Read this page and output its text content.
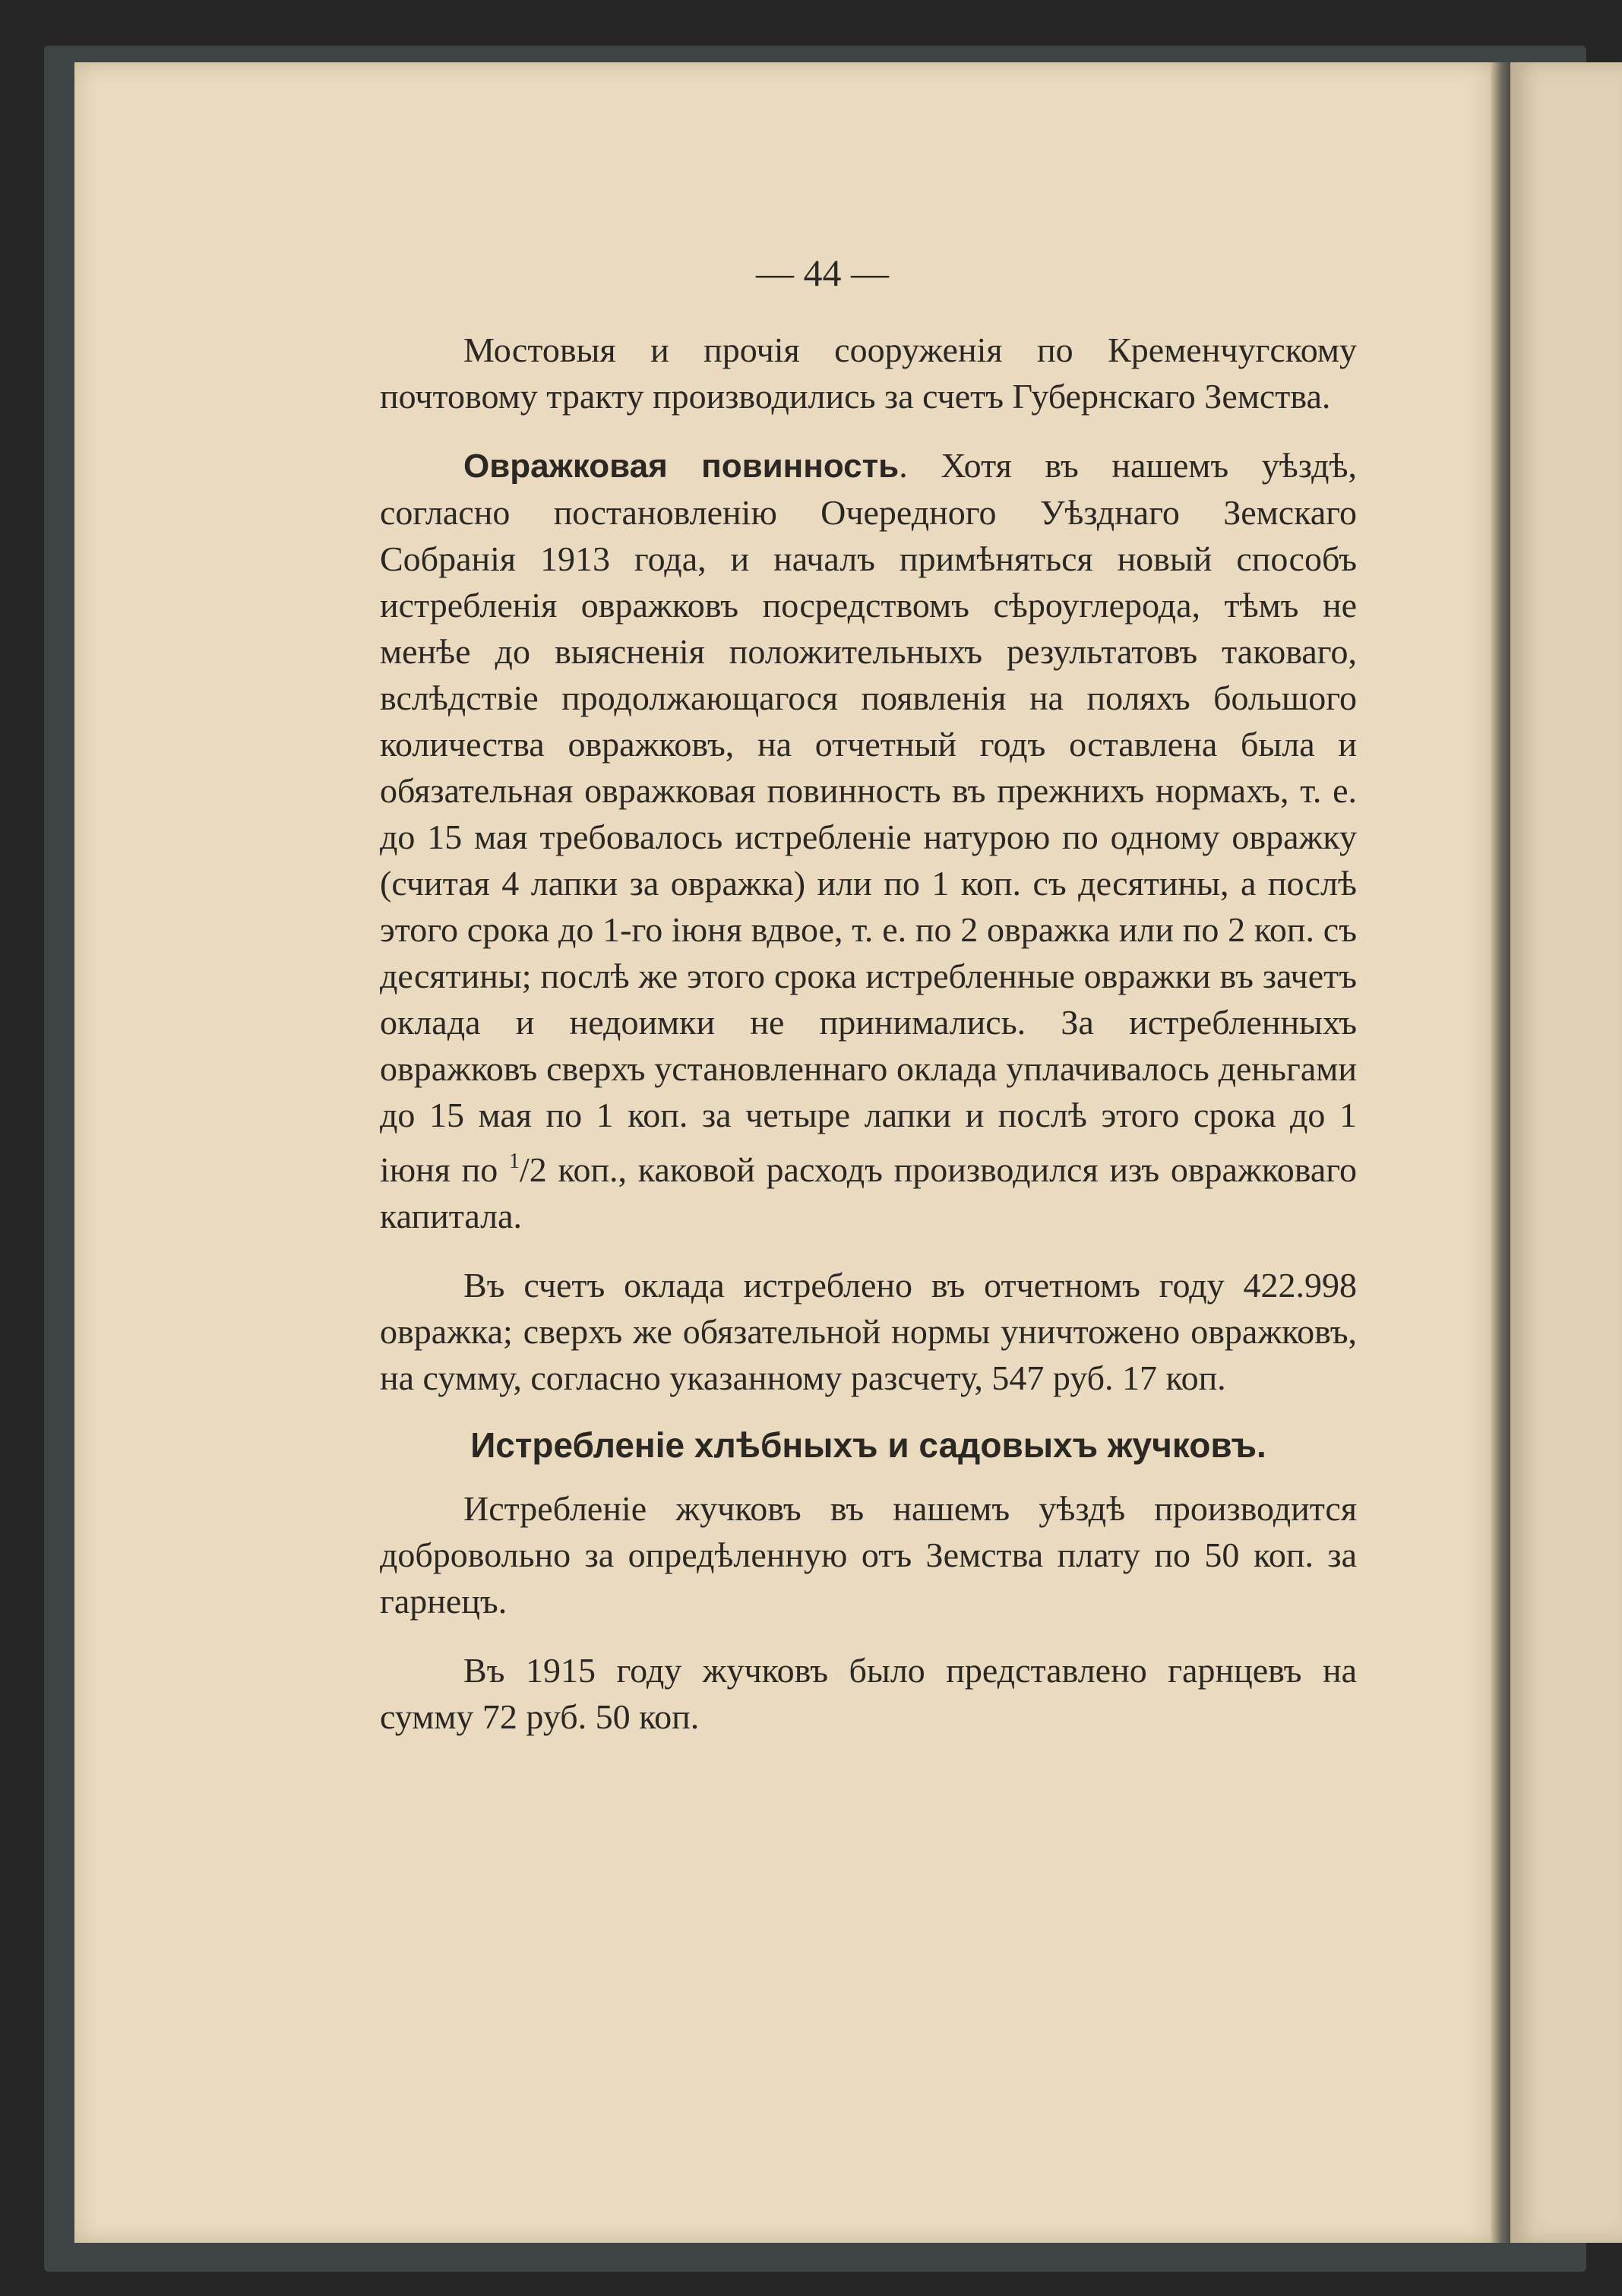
— 44 —

Мостовыя и прочія сооруженія по Кременчугскому почтовому тракту производились за счетъ Губернскаго Земства.

Овражковая повинность. Хотя въ нашемъ уѣздѣ, согласно постановленію Очередного Уѣзднаго Земскаго Собранія 1913 года, и началъ примѣняться новый способъ истребленія овражковъ посредствомъ сѣроуглерода, тѣмъ не менѣе до выясненія положительныхъ результатовъ таковаго, вслѣдствіе продолжающагося появленія на поляхъ большого количества овражковъ, на отчетный годъ оставлена была и обязательная овражковая повинность въ прежнихъ нормахъ, т. е. до 15 мая требовалось истребленіе натурою по одному овражку (считая 4 лапки за овражка) или по 1 коп. съ десятины, а послѣ этого срока до 1-го іюня вдвое, т. е. по 2 овражка или по 2 коп. съ десятины; послѣ же этого срока истребленные овражки въ зачетъ оклада и недоимки не принимались. За истребленныхъ овражковъ сверхъ установленнаго оклада уплачивалось деньгами до 15 мая по 1 коп. за четыре лапки и послѣ этого срока до 1 іюня по $^1$/2 коп., каковой расходъ производился изъ овражковаго капитала.

Въ счетъ оклада истреблено въ отчетномъ году 422.998 овражка; сверхъ же обязательной нормы уничтожено овражковъ, на сумму, согласно указанному разсчету, 547 руб. 17 коп.

Истребленіе хлѣбныхъ и садовыхъ жучковъ.

Истребленіе жучковъ въ нашемъ уѣздѣ производится добровольно за опредѣленную отъ Земства плату по 50 коп. за гарнецъ.

Въ 1915 году жучковъ было представлено гарнцевъ на сумму 72 руб. 50 коп.
